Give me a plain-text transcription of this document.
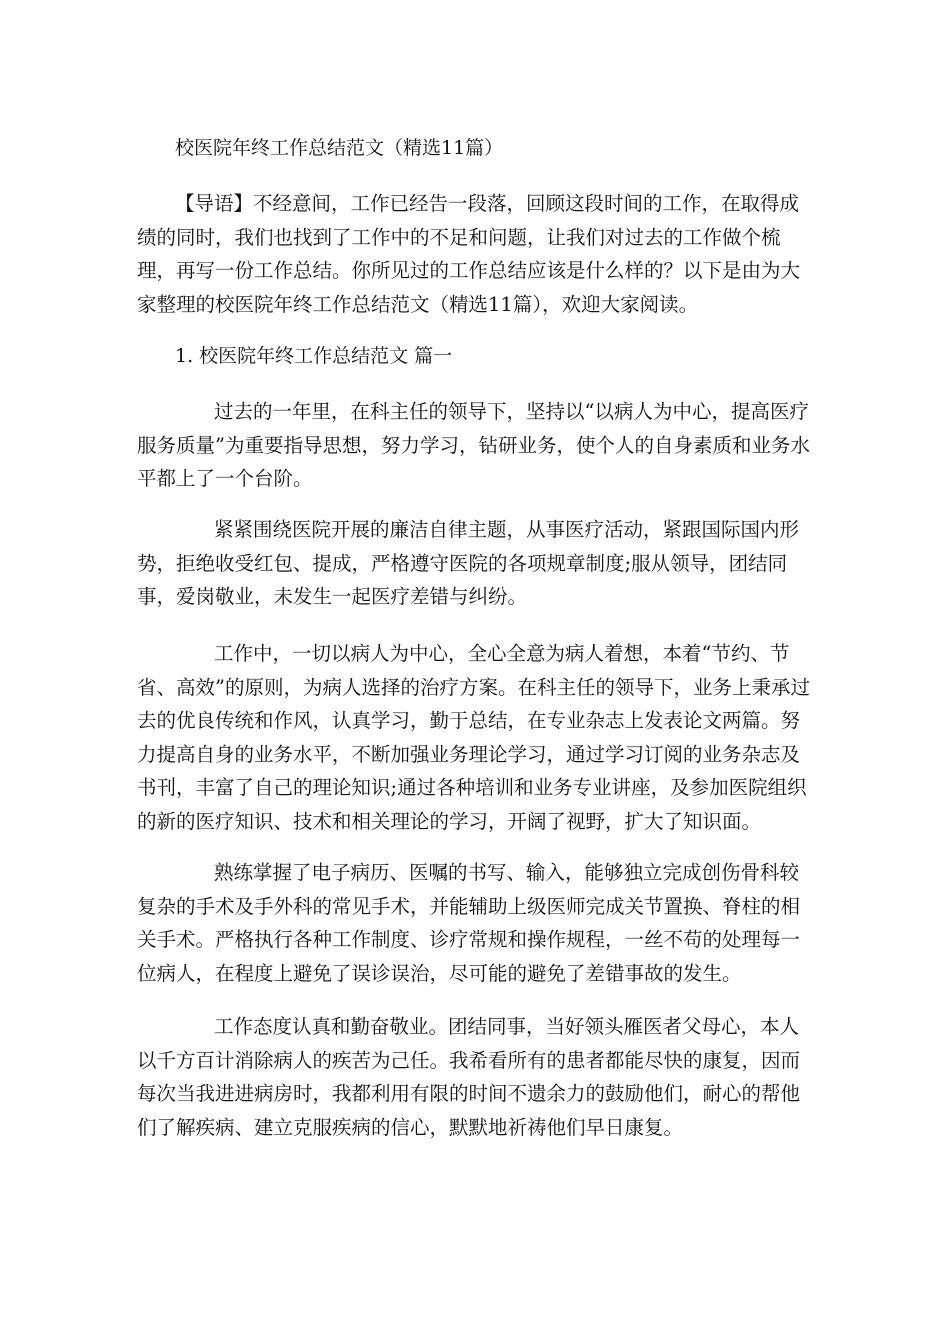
校医院年终工作总结范文（精选11篇）

【导语】不经意间，工作已经告一段落，回顾这段时间的工作，在取得成绩的同时，我们也找到了工作中的不足和问题，让我们对过去的工作做个梳理，再写一份工作总结。你所见过的工作总结应该是什么样的？以下是由为大家整理的校医院年终工作总结范文（精选11篇），欢迎大家阅读。

1. 校医院年终工作总结范文 篇一

过去的一年里，在科主任的领导下，坚持以“以病人为中心，提高医疗服务质量”为重要指导思想，努力学习，钻研业务，使个人的自身素质和业务水平都上了一个台阶。

紧紧围绕医院开展的廉洁自律主题，从事医疗活动，紧跟国际国内形势，拒绝收受红包、提成，严格遵守医院的各项规章制度;服从领导，团结同事，爱岗敬业，未发生一起医疗差错与纠纷。

工作中，一切以病人为中心，全心全意为病人着想，本着“节约、节省、高效”的原则，为病人选择的治疗方案。在科主任的领导下，业务上秉承过去的优良传统和作风，认真学习，勤于总结，在专业杂志上发表论文两篇。努力提高自身的业务水平，不断加强业务理论学习，通过学习订阅的业务杂志及书刊，丰富了自己的理论知识;通过各种培训和业务专业讲座，及参加医院组织的新的医疗知识、技术和相关理论的学习，开阔了视野，扩大了知识面。

熟练掌握了电子病历、医嘱的书写、输入，能够独立完成创伤骨科较复杂的手术及手外科的常见手术，并能辅助上级医师完成关节置换、脊柱的相关手术。严格执行各种工作制度、诊疗常规和操作规程，一丝不苟的处理每一位病人，在程度上避免了误诊误治，尽可能的避免了差错事故的发生。

工作态度认真和勤奋敬业。团结同事，当好领头雁医者父母心，本人以千方百计消除病人的疾苦为己任。我希看所有的患者都能尽快的康复，因而每次当我进进病房时，我都利用有限的时间不遗余力的鼓励他们，耐心的帮他们了解疾病、建立克服疾病的信心，默默地祈祷他们早日康复。
